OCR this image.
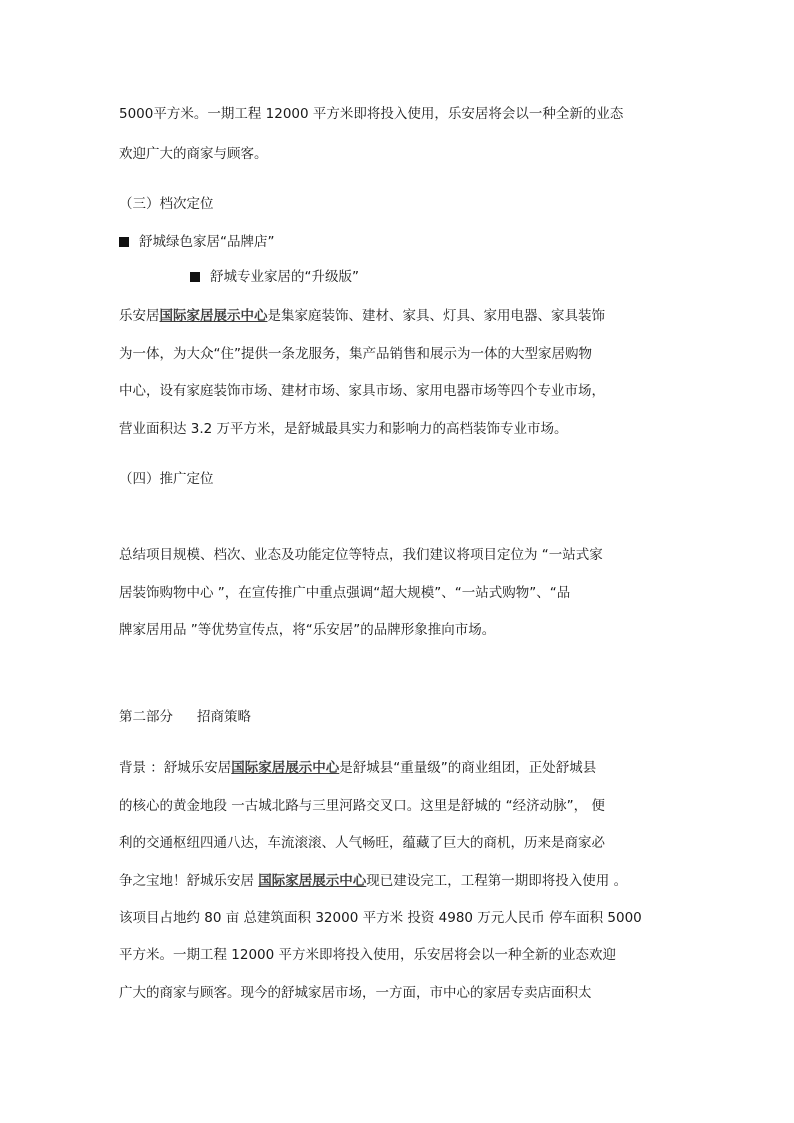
5000平方米。一期工程 12000 平方米即将投入使用，乐安居将会以一种全新的业态
欢迎广大的商家与顾客。
（三）档次定位
舒城绿色家居“品牌店”
舒城专业家居的“升级版”
乐安居国际家居展示中心是集家庭装饰、建材、家具、灯具、家用电器、家具装饰
为一体，为大众“住”提供一条龙服务，集产品销售和展示为一体的大型家居购物
中心，设有家庭装饰市场、建材市场、家具市场、家用电器市场等四个专业市场，
营业面积达 3.2 万平方米，是舒城最具实力和影响力的高档装饰专业市场。
（四）推广定位
总结项目规模、档次、业态及功能定位等特点，我们建议将项目定位为 “一站式家
居装饰购物中心 ”，在宣传推广中重点强调“超大规模”、“一站式购物”、“品
牌家居用品 ”等优势宣传点，将“乐安居”的品牌形象推向市场。
第二部分 招商策略
背景 ：舒城乐安居国际家居展示中心是舒城县“重量级”的商业组团，正处舒城县
的核心的黄金地段 一古城北路与三里河路交叉口。这里是舒城的 “经济动脉”， 便
利的交通枢纽四通八达，车流滚滚、人气畅旺，蕴藏了巨大的商机，历来是商家必
争之宝地！舒城乐安居 国际家居展示中心现已建设完工，工程第一期即将投入使用 。
该项目占地约 80 亩 总建筑面积 32000 平方米 投资 4980 万元人民币 停车面积 5000
平方米。一期工程 12000 平方米即将投入使用，乐安居将会以一种全新的业态欢迎
广大的商家与顾客。现今的舒城家居市场，一方面，市中心的家居专卖店面积太
